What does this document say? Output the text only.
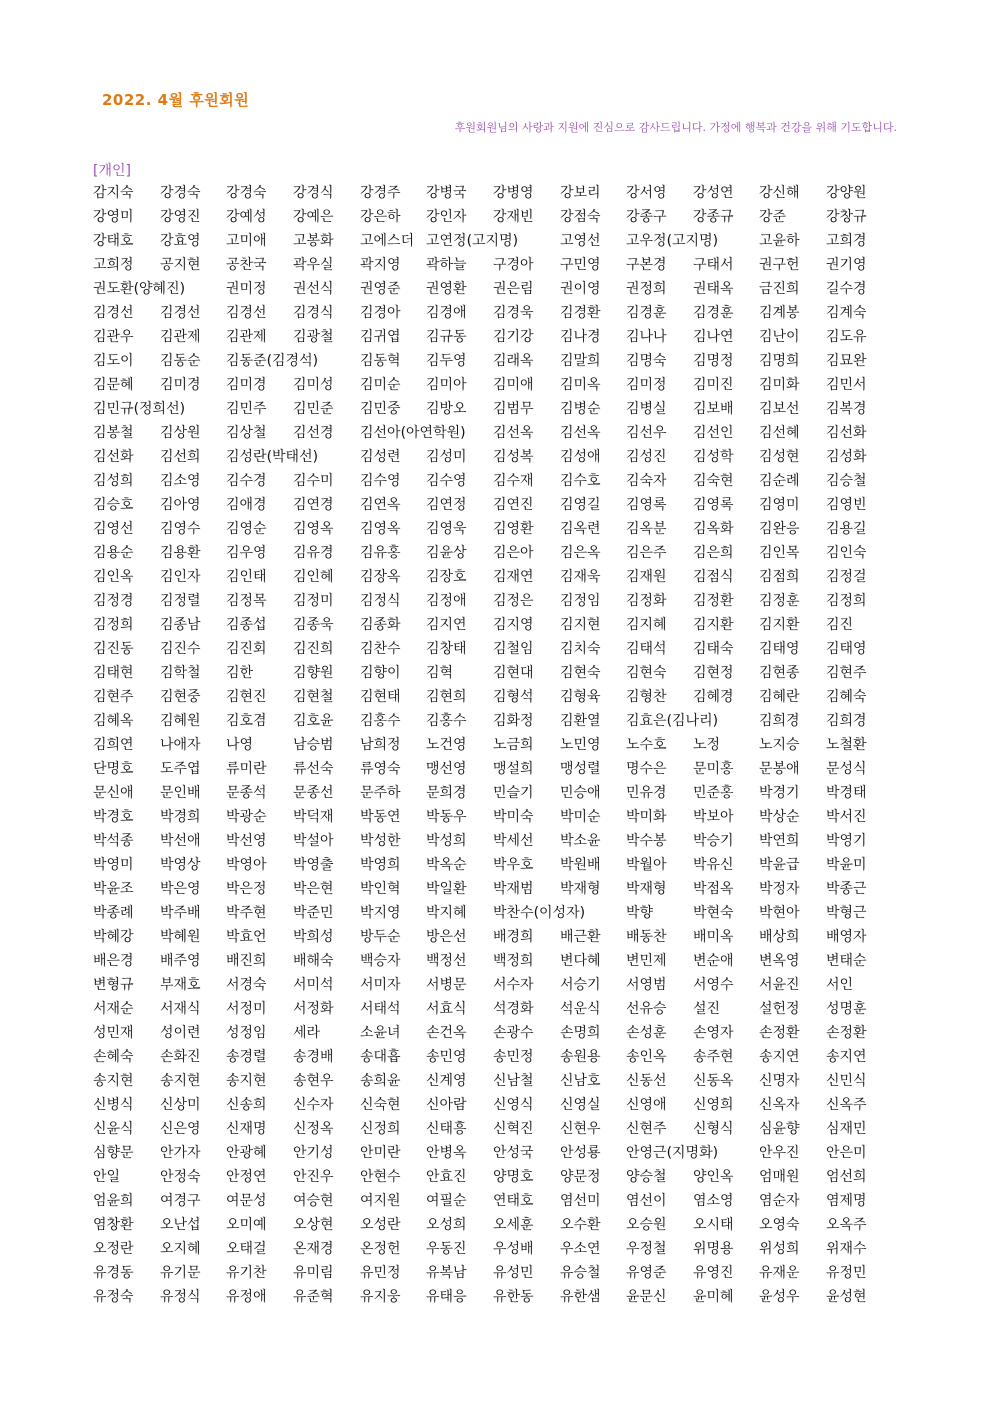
2022. 4월 후원회원
후원회원님의 사랑과 지원에 진심으로 감사드립니다. 가정에 행복과 건강을 위해 기도합니다.
[개인]
감지숙 강경숙 강경숙 강경식 강경주 강병국 강병영 강보리 강서영 강성연 강신해 강양원
강영미 강영진 강예성 강예은 강은하 강인자 강재빈 강점숙 강종구 강종규 강준	강창규
강태호 강효영 고미애 고봉화 고에스더 고연정(고지명)	고영선 고우정(고지명)	고윤하 고희경
고희정 공지현 공찬국 곽우실 곽지영 곽하늘 구경아 구민영 구본경 구태서 권구헌 권기영
권도환(양혜진)	권미정 권선식 권영준 권영환 권은림 권이영 권정희 권태옥 금진희 길수경
김경선 김경선 김경선 김경식 김경아 김경애 김경욱 김경환 김경훈 김경훈 김계봉 김계숙
김관우 김관제 김관제 김광철 김귀엽 김규동 김기강 김나경 김나나 김나연 김난이 김도유
김도이 김동순 김동준(김경석)	김동혁 김두영 김래옥 김말희 김명숙 김명정 김명희 김묘완
김문혜 김미경 김미경 김미성 김미순 김미아 김미애 김미옥 김미정 김미진 김미화 김민서
김민규(정희선)	김민주 김민준 김민중 김방오 김범무 김병순 김병실 김보배 김보선 김복경
김봉철 김상원 김상철 김선경 김선아(아연학원) 김선옥 김선옥 김선우 김선인 김선혜 김선화
김선화 김선희 김성란(박태선)	김성련 김성미 김성복 김성애 김성진 김성학 김성현 김성화
김성희 김소영 김수경 김수미 김수영 김수영 김수재 김수호 김숙자 김숙현 김순례 김승철
김승호 김아영 김애경 김연경 김연옥 김연정 김연진 김영길 김영록 김영록 김영미 김영빈
김영선 김영수 김영순 김영옥 김영옥 김영욱 김영환 김옥련 김옥분 김옥화 김완응 김용길
김용순 김용환 김우영 김유경 김유홍 김윤상 김은아 김은옥 김은주 김은희 김인목 김인숙
김인옥 김인자 김인태 김인혜 김장옥 김장호 김재연 김재욱 김재원 김점식 김점희 김정걸
김정경 김정렬 김정목 김정미 김정식 김정애 김정은 김정임 김정화 김정환 김정훈 김정희
김정희 김종남 김종섭 김종욱 김종화 김지연 김지영 김지현 김지혜 김지환 김지환 김진
김진동 김진수 김진회 김진희 김찬수 김창태 김철임 김치숙 김태석 김태숙 김태영 김태영
김태현 김학철 김한	김향원 김향이 김혁	김현대 김현숙 김현숙 김현정 김현종 김현주
김현주 김현중 김현진 김현철 김현태 김현희 김형석 김형육 김형찬 김혜경 김혜란 김혜숙
김혜옥 김혜원 김호겸 김호윤 김홍수 김홍수 김화정 김환열 김효은(김나리)	김희경 김희경
김희연 나애자 나영	남승범 남희정 노건영 노금희 노민영 노수호 노정	노지승 노철환
단명호 도주엽 류미란 류선숙 류영숙 맹선영 맹설희 맹성렬 명수은 문미홍 문봉애 문성식
문신애 문인배 문종석 문종선 문주하 문희경 민슬기 민승애 민유경 민준홍 박경기 박경태
박경호 박경희 박광순 박덕재 박동연 박동우 박미숙 박미순 박미화 박보아 박상순 박서진
박석종 박선애 박선영 박설아 박성한 박성희 박세선 박소윤 박수봉 박승기 박연희 박영기
박영미 박영상 박영아 박영출 박영희 박옥순 박우호 박원배 박월아 박유신 박윤급 박윤미
박윤조 박은영 박은정 박은현 박인혁 박일환 박재범 박재형 박재형 박점옥 박정자 박종근
박종례 박주배 박주현 박준민 박지영 박지혜 박찬수(이성자)	박향	박현숙 박현아 박형근
박혜강 박혜원 박효언 박희성 방두순 방은선 배경희 배근환 배동찬 배미옥 배상희 배영자
배은경 배주영 배진희 배해숙 백승자 백정선 백정희 변다혜 변민제 변순애 변옥영 변태순
변형규 부재호 서경숙 서미석 서미자 서병문 서수자 서승기 서영범 서영수 서윤진 서인
서재순 서재식 서정미 서정화 서태석 서효식 석경화 석운식 선유승 설진	설헌정 성명훈
성민재 성이련 성정임 세라	소윤녀 손건옥 손광수 손명희 손성훈 손영자 손정환 손정환
손혜숙 손화진 송경렬 송경배 송대흡 송민영 송민정 송원용 송인옥 송주현 송지연 송지연
송지현 송지현 송지현 송현우 송희윤 신계영 신남철 신남호 신동선 신동옥 신명자 신민식
신병식 신상미 신송희 신수자 신숙현 신아람 신영식 신영실 신영애 신영희 신옥자 신옥주
신윤식 신은영 신재명 신정옥 신정희 신태흥 신혁진 신현우 신현주 신형식 심윤향 심재민
심향문 안가자 안광혜 안기성 안미란 안병옥 안성국 안성룡 안영근(지명화)	안우진 안은미
안일	안정숙 안정연 안진우 안현수 안효진 양명호 양문정 양승철 양인옥 엄매원 엄선희
엄윤희 여경구 여문성 여승현 여지원 여필순 연태호 염선미 염선이 염소영 염순자 염제명
염창환 오난섭 오미예 오상현 오성란 오성희 오세훈 오수환 오승원 오시태 오영숙 오옥주
오정란 오지혜 오태걸 온재경 온정헌 우동진 우성배 우소연 우정철 위명용 위성희 위재수
유경동 유기문 유기찬 유미림 유민정 유복남 유성민 유승철 유영준 유영진 유재운 유정민
유정숙 유정식 유정애 유준혁 유지웅 유태응 유한동 유한샘 윤문신 윤미혜 윤성우 윤성현
